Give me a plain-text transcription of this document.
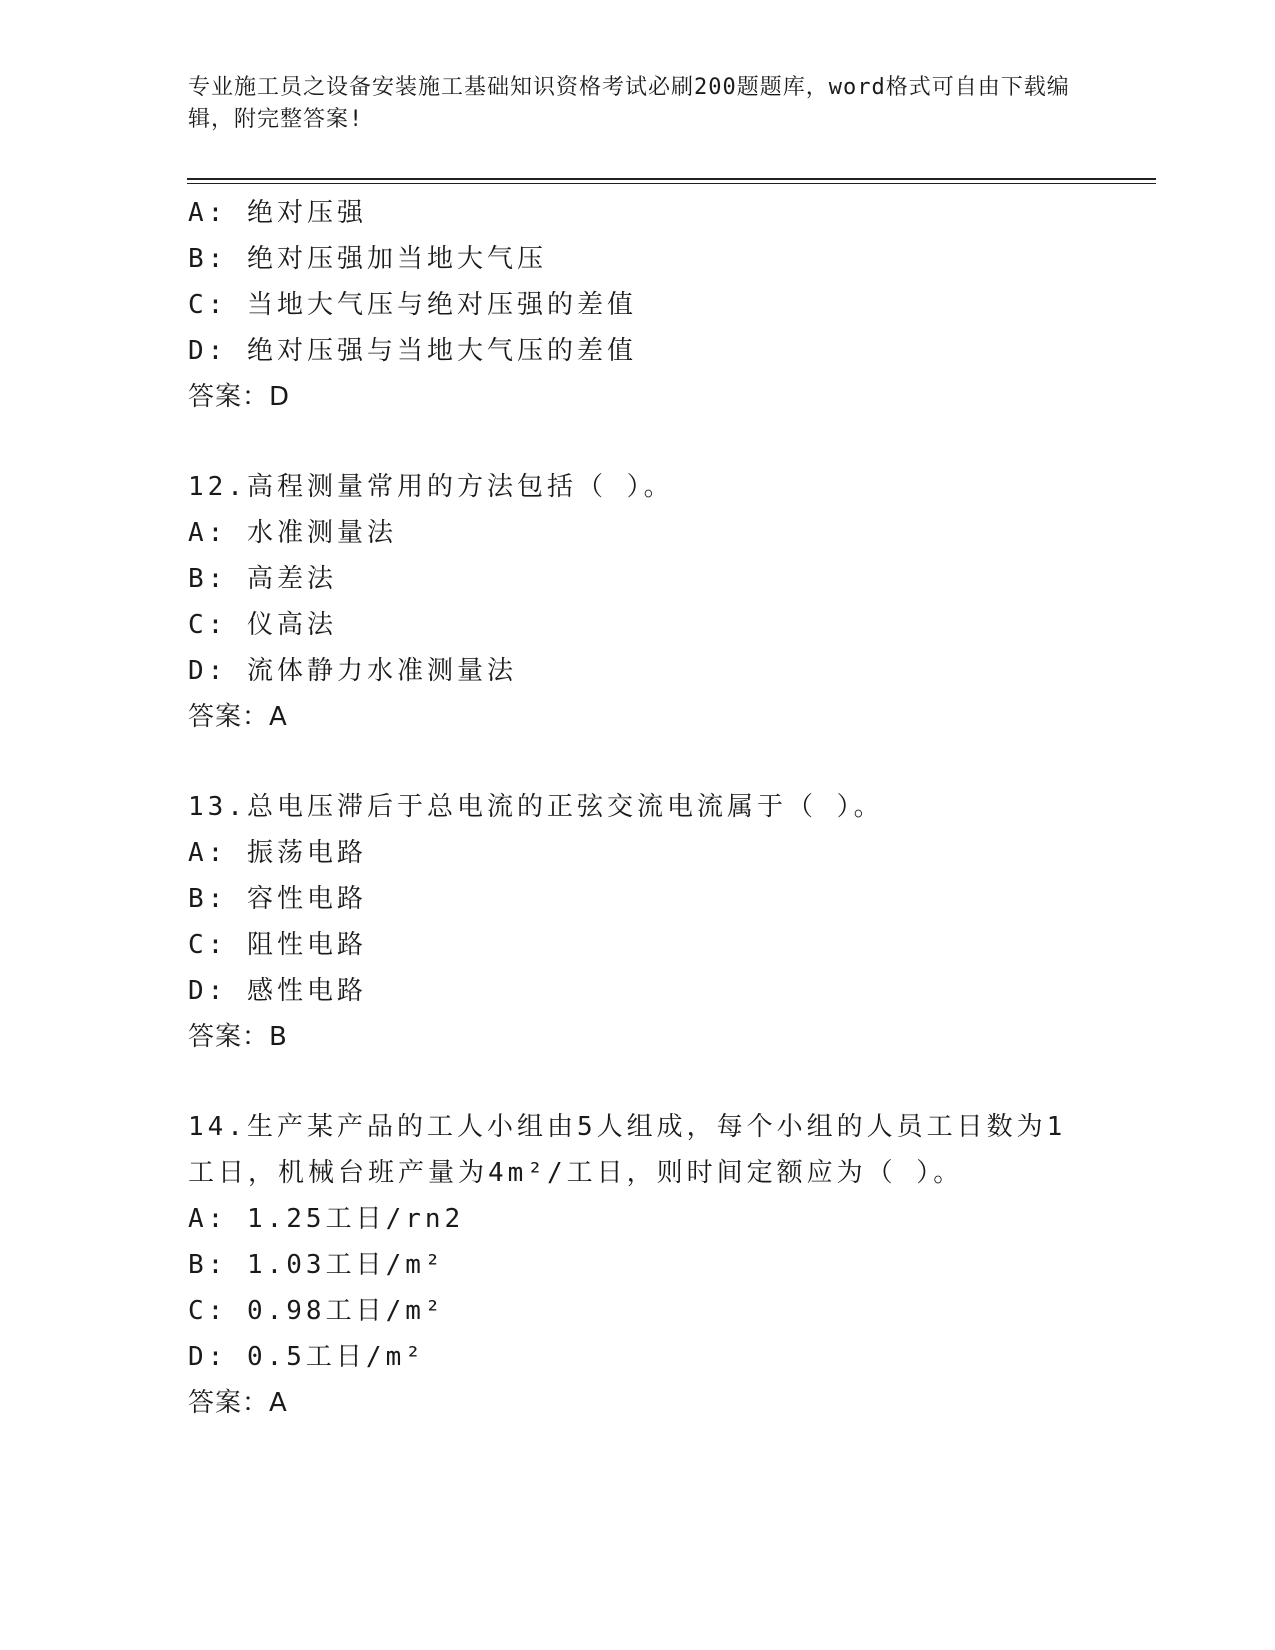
专业施工员之设备安装施工基础知识资格考试必刷200题题库，word格式可自由下载编辑，附完整答案!
A: 绝对压强
B: 绝对压强加当地大气压
C: 当地大气压与绝对压强的差值
D: 绝对压强与当地大气压的差值
答案：D
12.高程测量常用的方法包括（ ）。
A: 水准测量法
B: 高差法
C: 仪高法
D: 流体静力水准测量法
答案：A
13.总电压滞后于总电流的正弦交流电流属于（ ）。
A: 振荡电路
B: 容性电路
C: 阻性电路
D: 感性电路
答案：B
14.生产某产品的工人小组由5人组成，每个小组的人员工日数为1工日，机械台班产量为4m²/工日，则时间定额应为（ ）。
A: 1.25工日/rn2
B: 1.03工日/m²
C: 0.98工日/m²
D: 0.5工日/m²
答案：A
